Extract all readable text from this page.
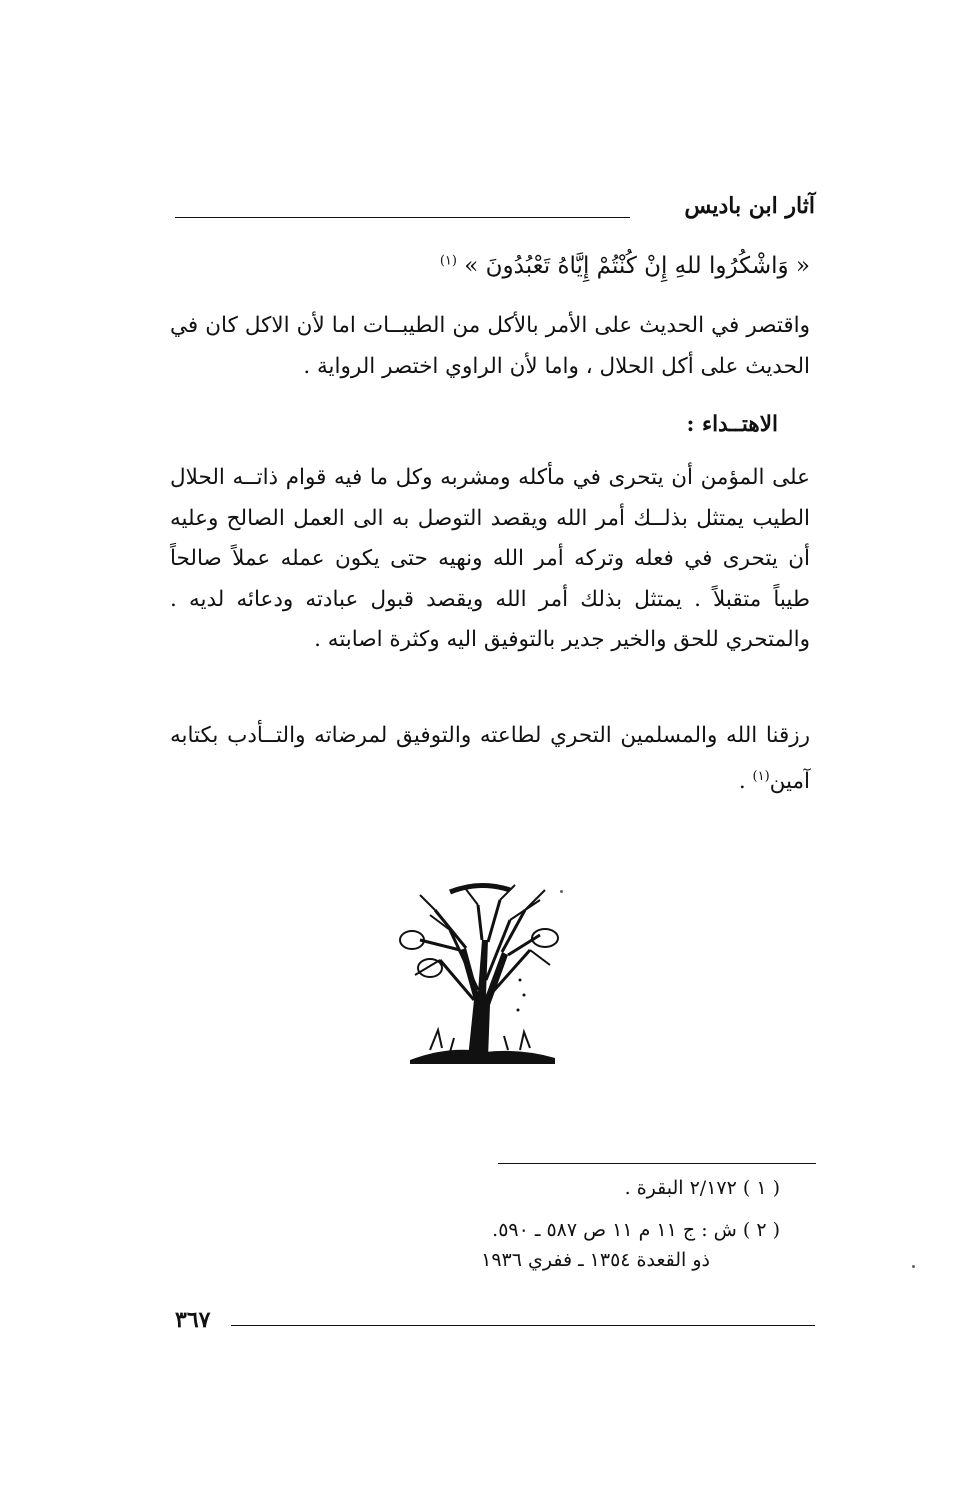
آثار ابن باديس
« وَاشْكُرُوا للهِ إِنْ كُنْتُمْ إِيَّاهُ تَعْبُدُونَ » $^{(١)}$
واقتصر في الحديث على الأمر بالأكل من الطيبــات اما لأن الاكل كان في الحديث على أكل الحلال ، واما لأن الراوي اختصر الرواية .
الاهتــداء :
على المؤمن أن يتحرى في مأكله ومشربه وكل ما فيه قوام ذاتــه الحلال الطيب يمتثل بذلــك أمر الله ويقصد التوصل به الى العمل الصالح وعليه أن يتحرى في فعله وتركه أمر الله ونهيه حتى يكون عمله عملاً صالحاً طيباً متقبلاً . يمتثل بذلك أمر الله ويقصد قبول عبادته ودعائه لديه . والمتحري للحق والخير جدير بالتوفيق اليه وكثرة اصابته .
رزقنا الله والمسلمين التحري لطاعته والتوفيق لمرضاته والتــأدب بكتابه آمين$^{(١)}$ .
( ١ ) ٢/١٧٢ البقرة .
( ٢ ) ش : ج ١١ م ١١ ص ٥٨٧ ـ ٥٩٠.
ذو القعدة ١٣٥٤ ـ ففري ١٩٣٦
٣٦٧
